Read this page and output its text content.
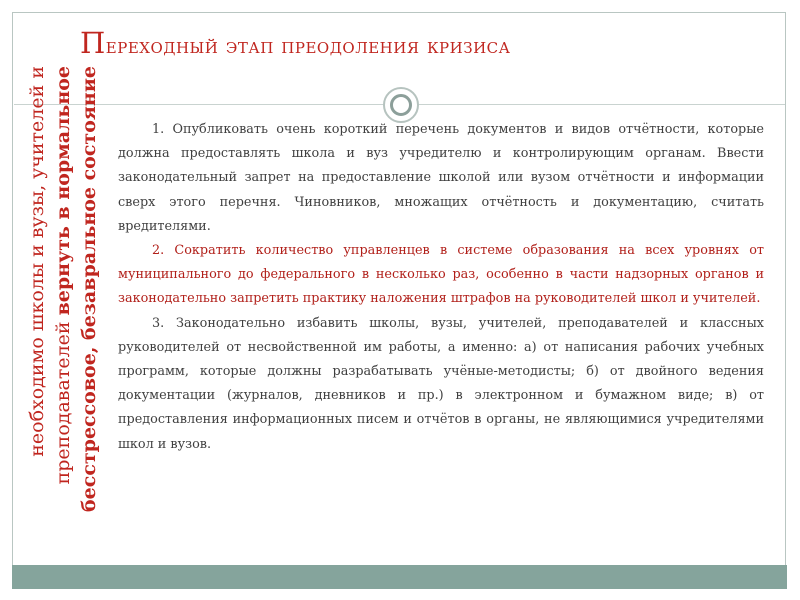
Переходный этап преодоления кризиса
необходимо школы и вузы, учителей и преподавателей вернуть в нормальное бесстрессовое, безавральное состояние	1. Опубликовать очень короткий перечень документов и видов отчётности, которые должна предоставлять школа и вуз учредителю и контролирующим органам. Ввести законодательный запрет на предоставление школой или вузом отчётности и информации сверх этого перечня. Чиновников, множащих отчётность и документацию, считать вредителями.

2. Сократить количество управленцев в системе образования на всех уровнях от муниципального до федерального в несколько раз, особенно в части надзорных органов и законодательно запретить практику наложения штрафов на руководителей школ и учителей.

3. Законодательно избавить школы, вузы, учителей, преподавателей и классных руководителей от несвойственной им работы, а именно: а) от написания рабочих учебных программ, которые должны разрабатывать учёные-методисты; б) от двойного ведения документации (журналов, дневников и пр.) в электронном и бумажном виде; в) от предоставления информационных писем и отчётов в органы, не являющимися учредителями школ и вузов.
